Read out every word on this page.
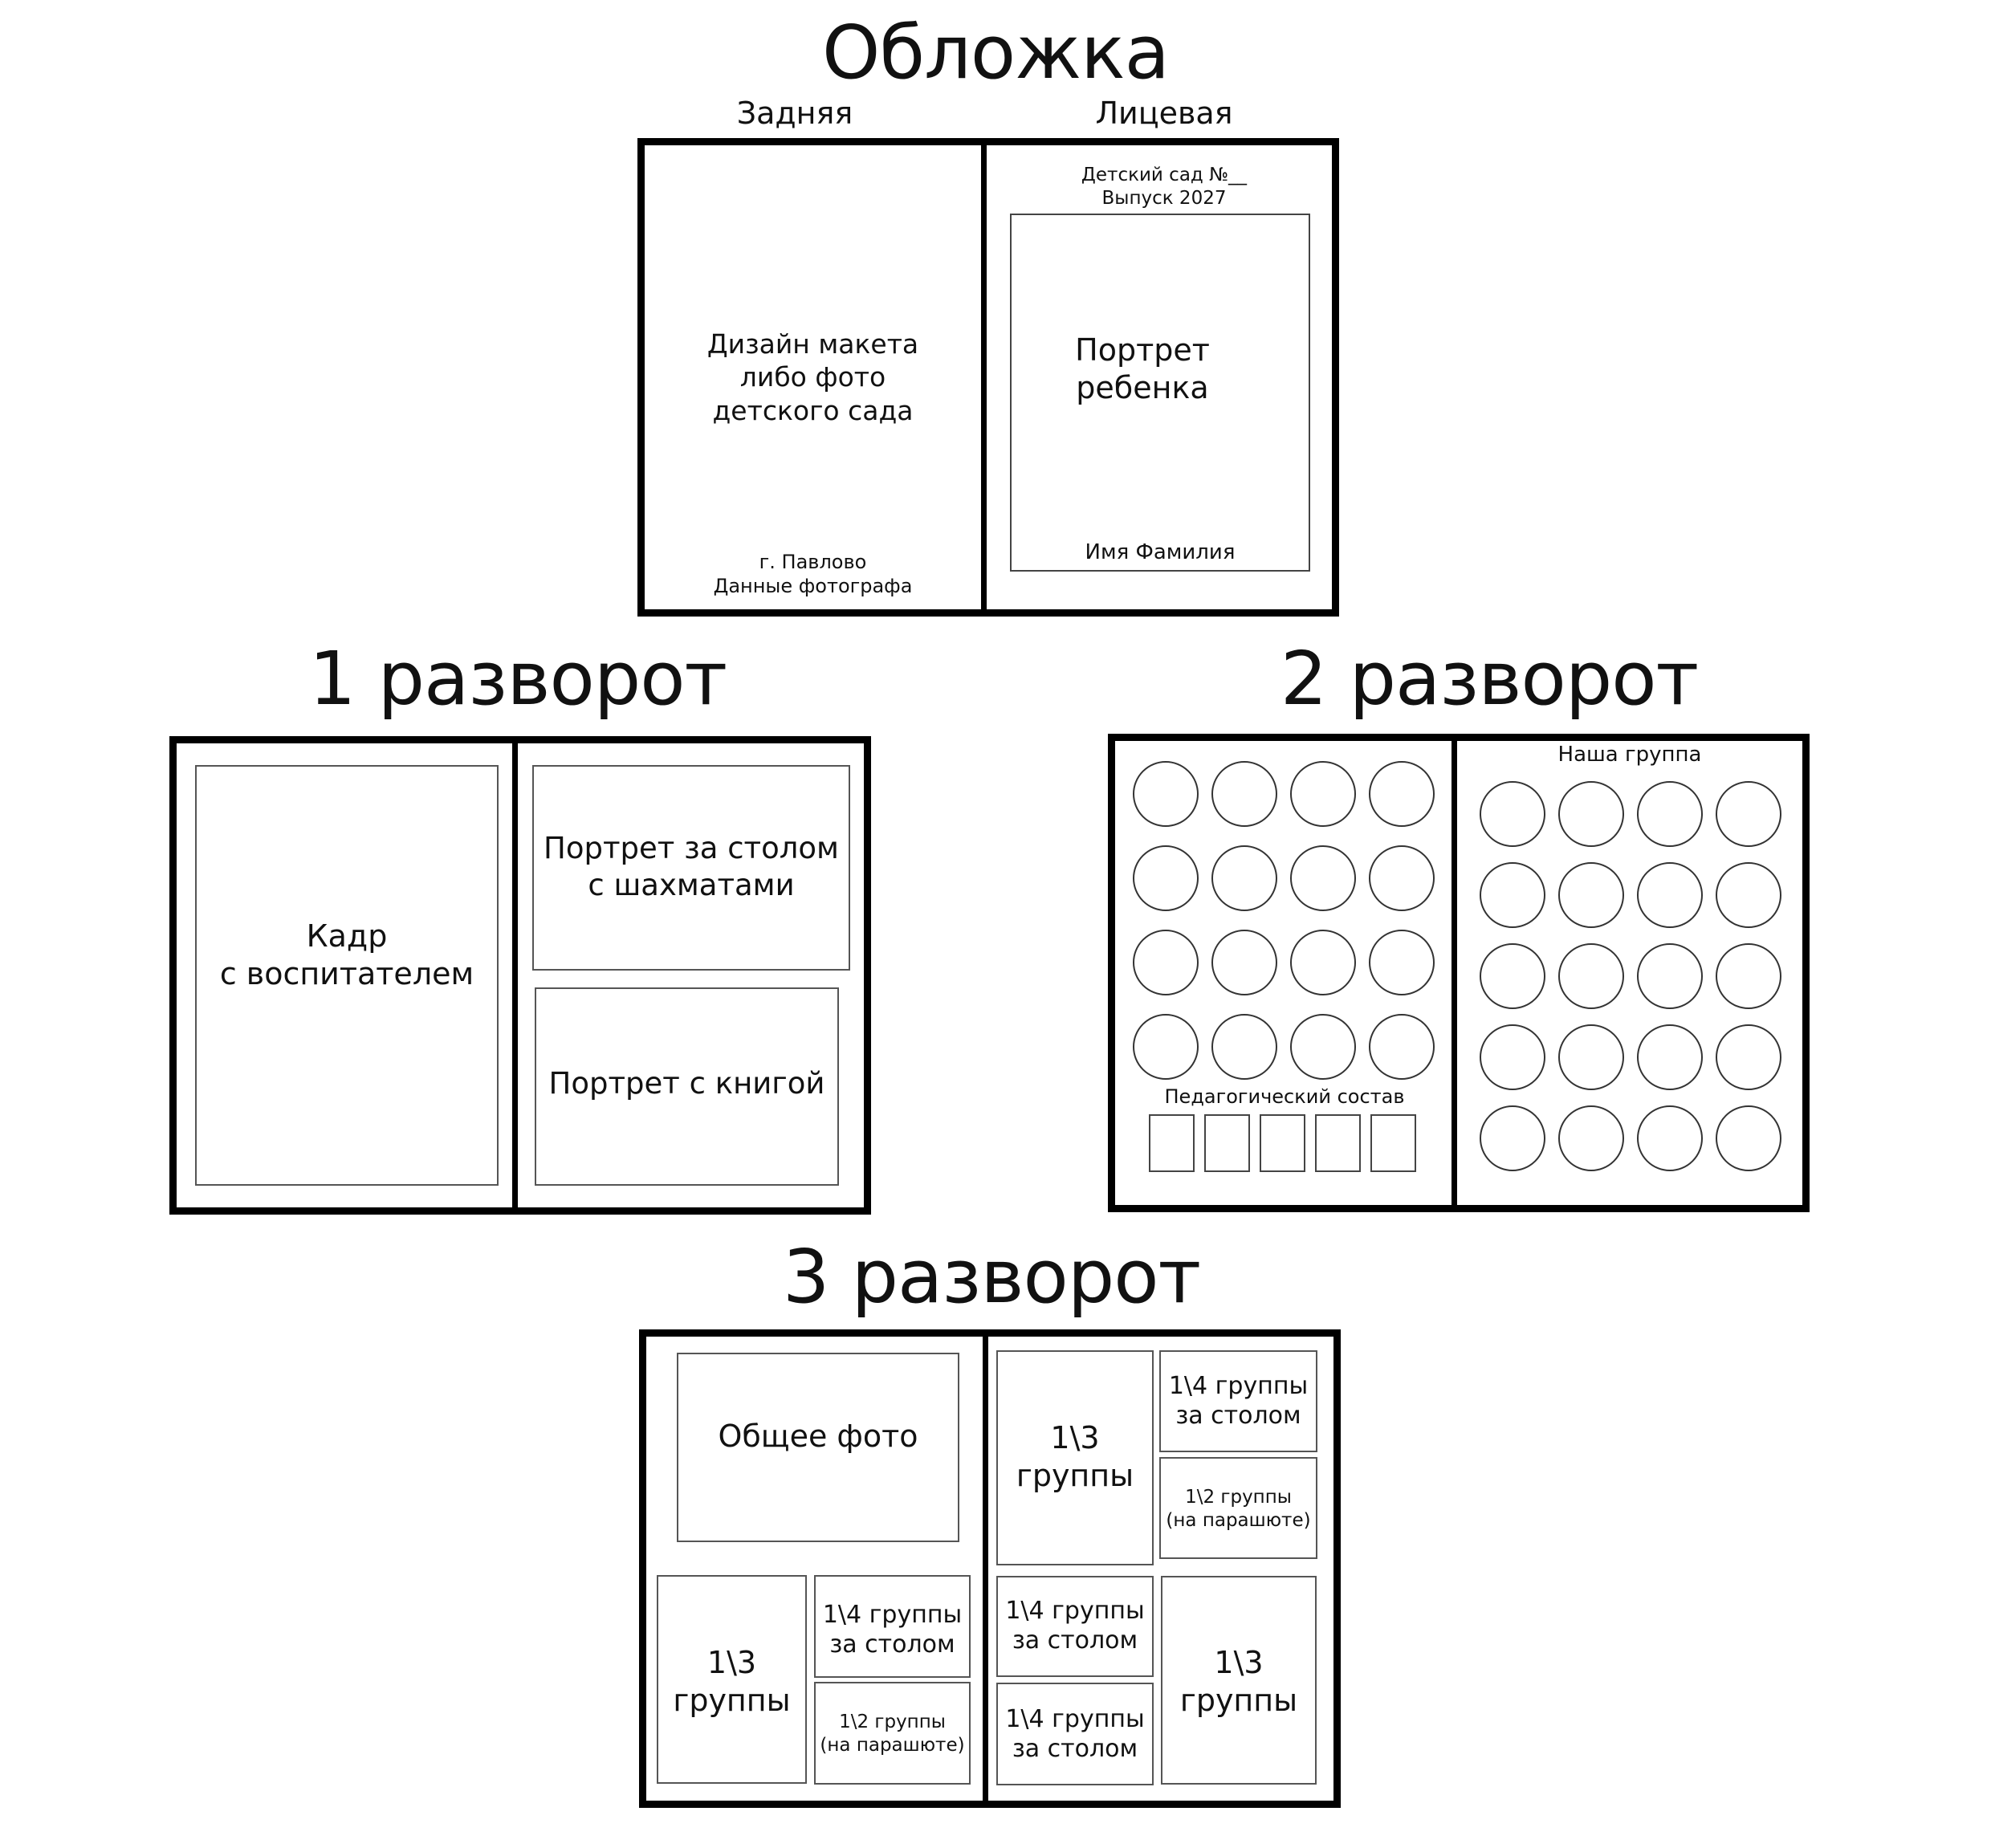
Обложка
Задняя	Лицевая
Дизайн макета
либо фото
детского сада
г. Павлово
Данные фотографа
Детский сад №__
Выпуск 2027
Портрет
ребенка
Имя Фамилия
1 разворот
Кадр
с воспитателем
Портрет за столом
с шахматами
Портрет с книгой
2 разворот
Педагогический состав
Наша группа
3 разворот
Общее фото
1\3
группы
1\4 группы
за столом
1\2 группы
(на парашюте)
1\3
группы
1\4 группы
за столом
1\2 группы
(на парашюте)
1\4 группы
за столом
1\4 группы
за столом
1\3
группы
